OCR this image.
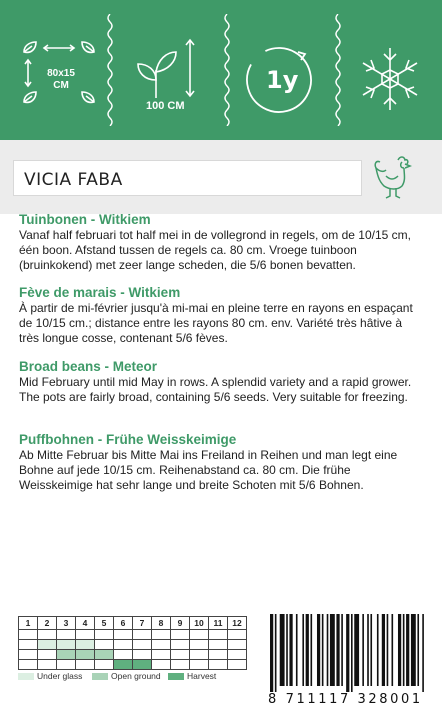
80x15
CM
100 CM
1y
VICIA FABA

Tuinbonen - Witkiem

Vanaf half februari tot half mei in de vollegrond in regels, om de 10/15 cm, één boon. Afstand tussen de regels ca. 80 cm. Vroege tuinboon (bruinkokend) met zeer lange scheden, die 5/6 bonen bevatten.

Fève de marais - Witkiem

À partir de mi-février jusqu'à mi-mai en pleine terre en rayons en espaçant de 10/15 cm.; distance entre les rayons 80 cm. env. Variété très hâtive à très longue cosse, contenant 5/6 fèves.

Broad beans - Meteor

Mid February until mid May in rows. A splendid variety and a rapid grower. The pots are fairly broad, containing 5/6 seeds. Very suitable for freezing.

Puffbohnen - Frühe Weisskeimige

Ab Mitte Februar bis Mitte Mai ins Freiland in Reihen und man legt eine Bohne auf jede 10/15 cm. Reihenabstand ca. 80 cm. Die frühe Weisskeimige hat sehr lange und breite Schoten mit 5/6 Bohnen.

1	2	3	4	5	6	7	8	9	10	11	12

Under glass	Open ground	Harvest
8 711117 328001
